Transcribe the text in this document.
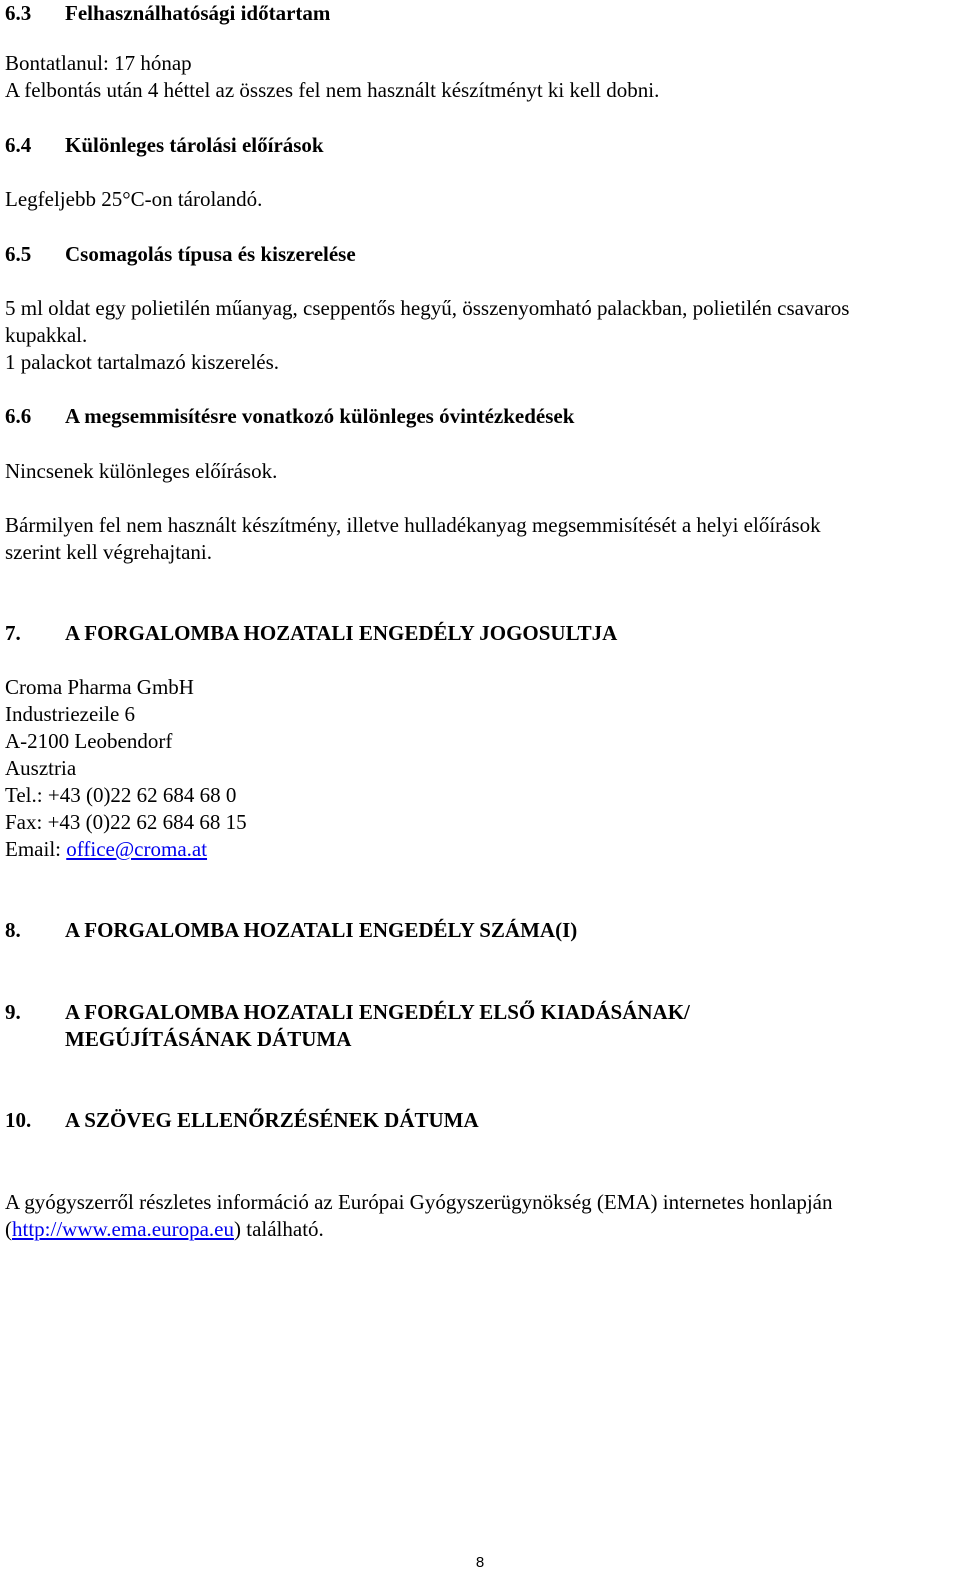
6.3 Felhasználhatósági időtartam
Bontatlanul: 17 hónap
A felbontás után 4 héttel az összes fel nem használt készítményt ki kell dobni.
6.4 Különleges tárolási előírások
Legfeljebb 25°C-on tárolandó.
6.5 Csomagolás típusa és kiszerelése
5 ml oldat egy polietilén műanyag, cseppentős hegyű, összenyomható palackban, polietilén csavaros
kupakkal.
1 palackot tartalmazó kiszerelés.
6.6 A megsemmisítésre vonatkozó különleges óvintézkedések
Nincsenek különleges előírások.
Bármilyen fel nem használt készítmény, illetve hulladékanyag megsemmisítését a helyi előírások
szerint kell végrehajtani.
7. A FORGALOMBA HOZATALI ENGEDÉLY JOGOSULTJA
Croma Pharma GmbH
Industriezeile 6
A-2100 Leobendorf
Ausztria
Tel.: +43 (0)22 62 684 68 0
Fax: +43 (0)22 62 684 68 15
Email: office@croma.at
8. A FORGALOMBA HOZATALI ENGEDÉLY SZÁMA(I)
9. A FORGALOMBA HOZATALI ENGEDÉLY ELSŐ KIADÁSÁNAK/
MEGÚJÍTÁSÁNAK DÁTUMA
10. A SZÖVEG ELLENŐRZÉSÉNEK DÁTUMA
A gyógyszerről részletes információ az Európai Gyógyszerügynökség (EMA) internetes honlapján
(http://www.ema.europa.eu) található.
8
